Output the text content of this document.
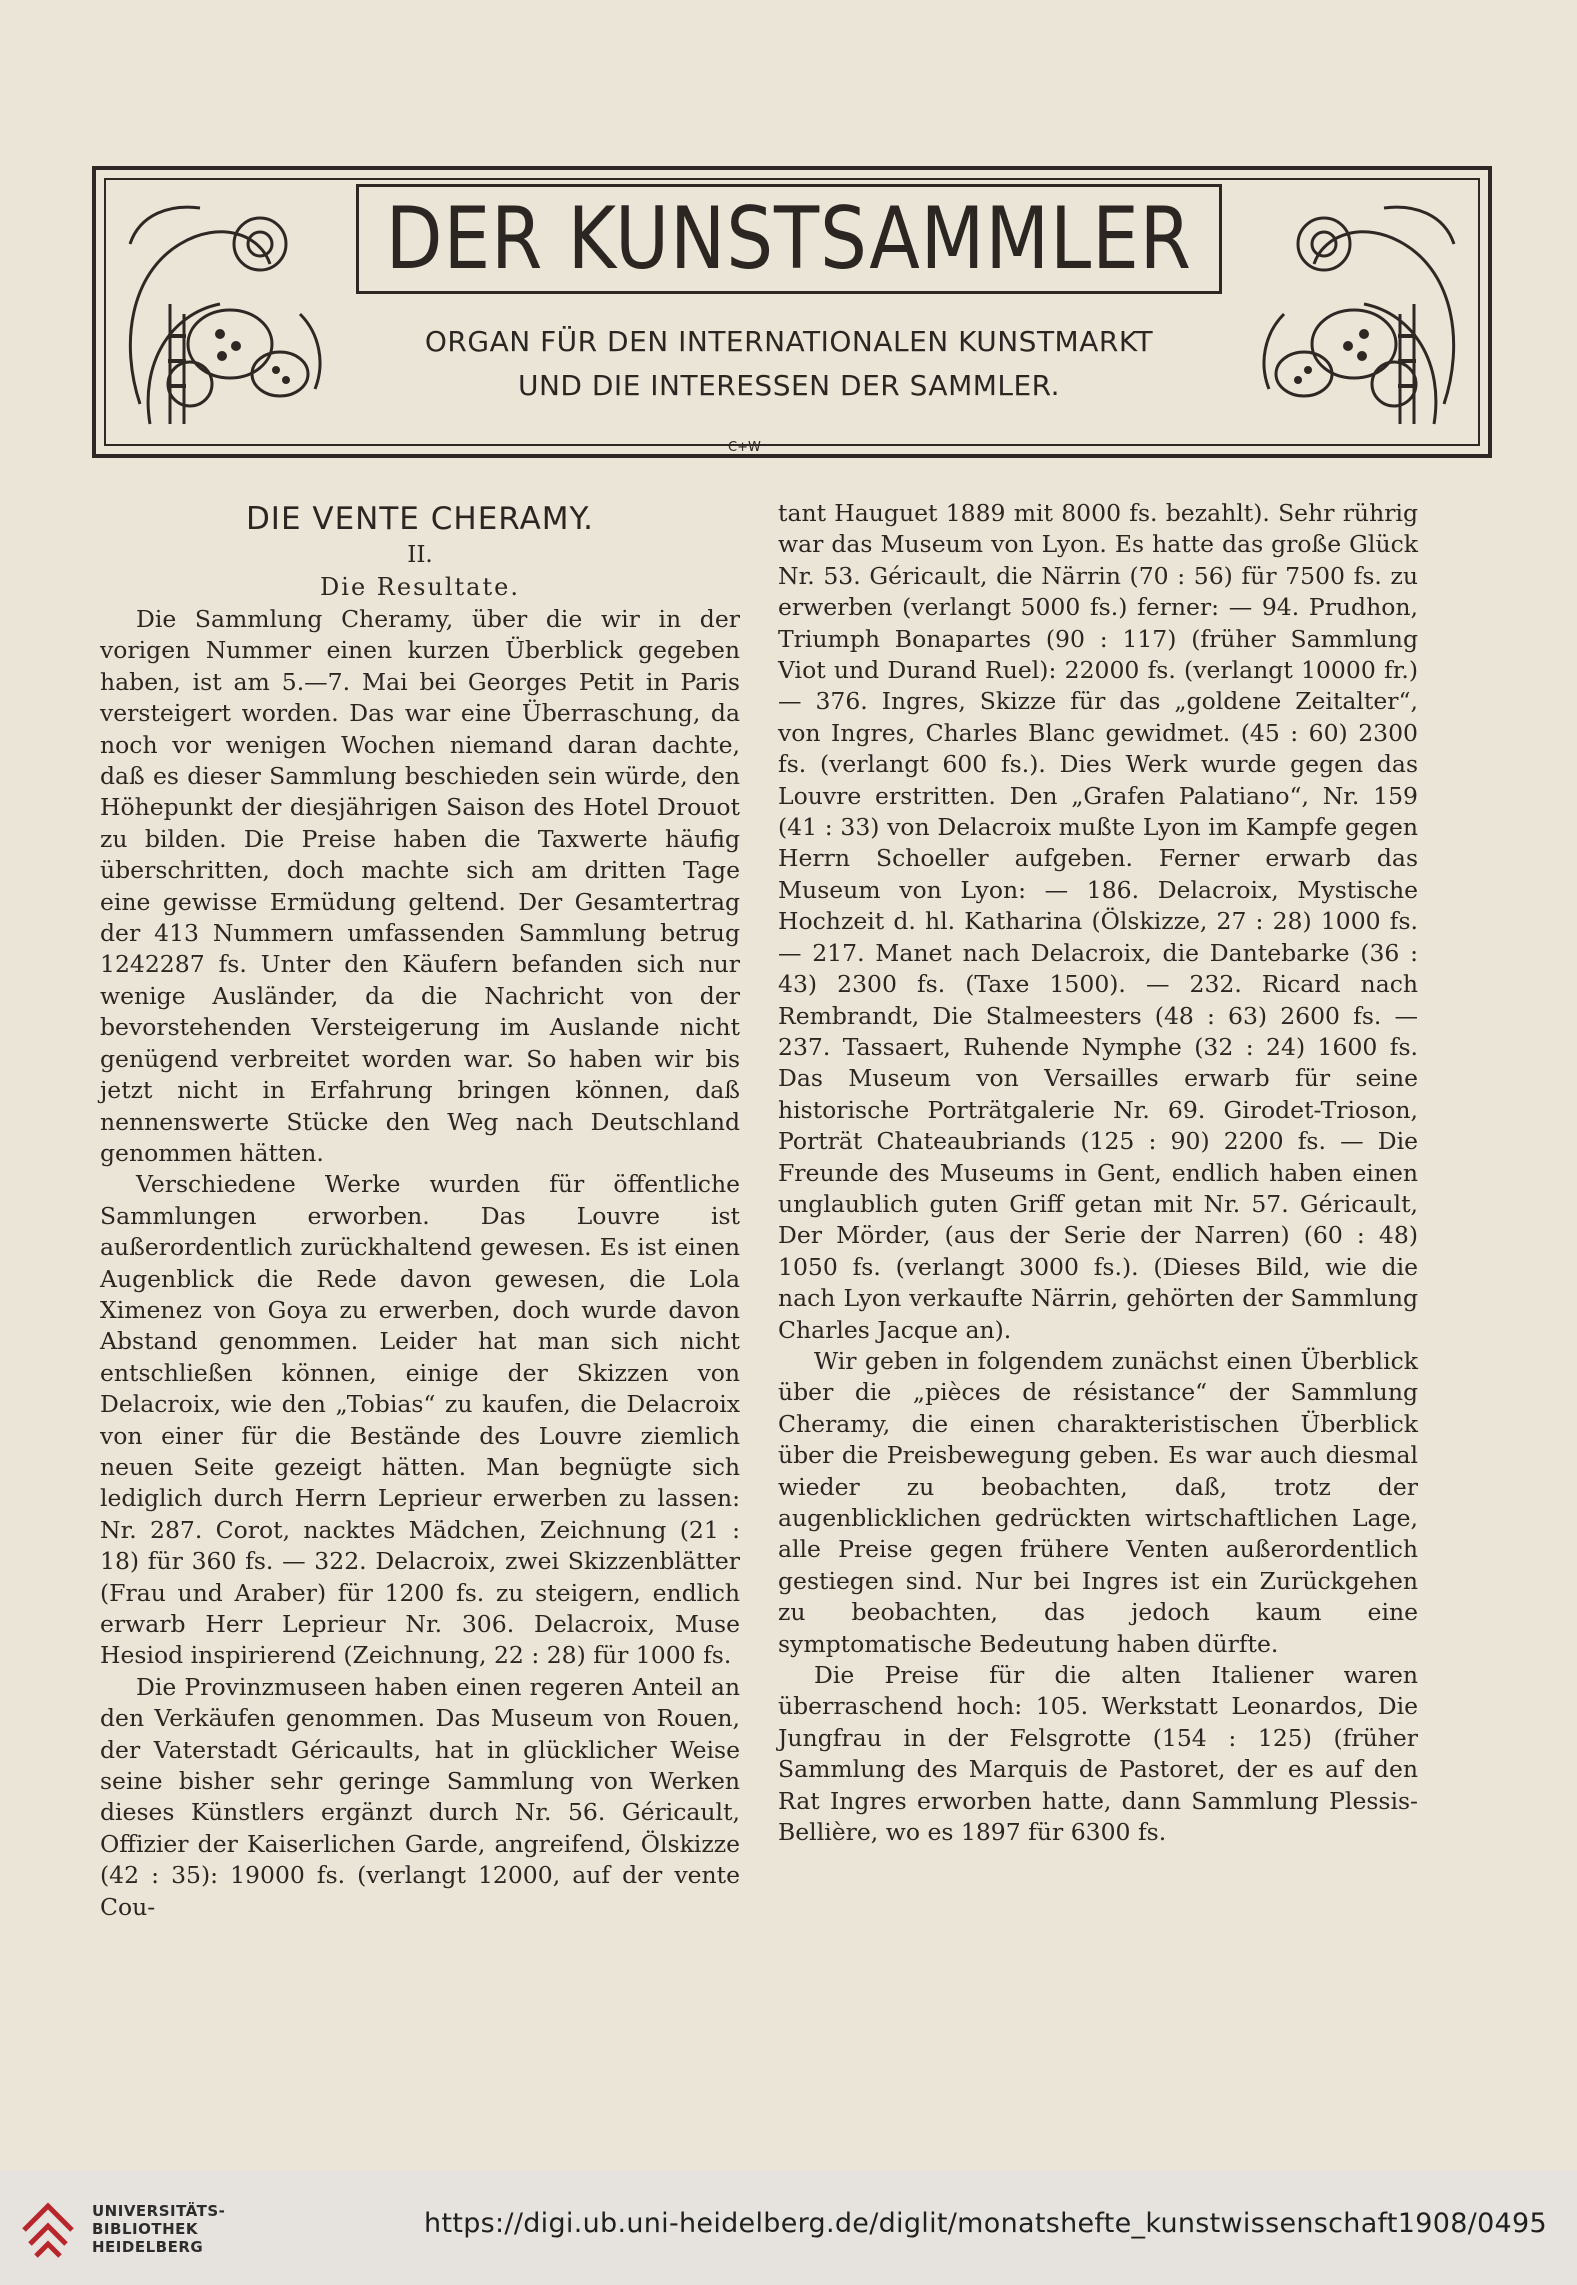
DER KUNSTSAMMLER
ORGAN FÜR DEN INTERNATIONALEN KUNSTMARKT
UND DIE INTERESSEN DER SAMMLER.
C+W
DIE VENTE CHERAMY.
II.
Die Resultate.

Die Sammlung Cheramy, über die wir in der vorigen Nummer einen kurzen Überblick gegeben haben, ist am 5.—7. Mai bei Georges Petit in Paris versteigert worden. Das war eine Überraschung, da noch vor wenigen Wochen niemand daran dachte, daß es dieser Sammlung beschieden sein würde, den Höhepunkt der diesjährigen Saison des Hotel Drouot zu bilden. Die Preise haben die Taxwerte häufig überschritten, doch machte sich am dritten Tage eine gewisse Ermüdung geltend. Der Gesamtertrag der 413 Nummern umfassenden Sammlung betrug 1242287 fs. Unter den Käufern befanden sich nur wenige Ausländer, da die Nachricht von der bevorstehenden Versteigerung im Auslande nicht genügend verbreitet worden war. So haben wir bis jetzt nicht in Erfahrung bringen können, daß nennenswerte Stücke den Weg nach Deutschland genommen hätten.

Verschiedene Werke wurden für öffentliche Sammlungen erworben. Das Louvre ist außerordentlich zurückhaltend gewesen. Es ist einen Augenblick die Rede davon gewesen, die Lola Ximenez von Goya zu erwerben, doch wurde davon Abstand genommen. Leider hat man sich nicht entschließen können, einige der Skizzen von Delacroix, wie den „Tobias“ zu kaufen, die Delacroix von einer für die Bestände des Louvre ziemlich neuen Seite gezeigt hätten. Man begnügte sich lediglich durch Herrn Leprieur erwerben zu lassen: Nr. 287. Corot, nacktes Mädchen, Zeichnung (21 : 18) für 360 fs. — 322. Delacroix, zwei Skizzenblätter (Frau und Araber) für 1200 fs. zu steigern, endlich erwarb Herr Leprieur Nr. 306. Delacroix, Muse Hesiod inspirierend (Zeichnung, 22 : 28) für 1000 fs.

Die Provinzmuseen haben einen regeren Anteil an den Verkäufen genommen. Das Museum von Rouen, der Vaterstadt Géricaults, hat in glücklicher Weise seine bisher sehr geringe Sammlung von Werken dieses Künstlers ergänzt durch Nr. 56. Géricault, Offizier der Kaiserlichen Garde, angreifend, Ölskizze (42 : 35): 19000 fs. (verlangt 12000, auf der vente Cou-

tant Hauguet 1889 mit 8000 fs. bezahlt). Sehr rührig war das Museum von Lyon. Es hatte das große Glück Nr. 53. Géricault, die Närrin (70 : 56) für 7500 fs. zu erwerben (verlangt 5000 fs.) ferner: — 94. Prudhon, Triumph Bonapartes (90 : 117) (früher Sammlung Viot und Durand Ruel): 22000 fs. (verlangt 10000 fr.) — 376. Ingres, Skizze für das „goldene Zeitalter“, von Ingres, Charles Blanc gewidmet. (45 : 60) 2300 fs. (verlangt 600 fs.). Dies Werk wurde gegen das Louvre erstritten. Den „Grafen Palatiano“, Nr. 159 (41 : 33) von Delacroix mußte Lyon im Kampfe gegen Herrn Schoeller aufgeben. Ferner erwarb das Museum von Lyon: — 186. Delacroix, Mystische Hochzeit d. hl. Katharina (Ölskizze, 27 : 28) 1000 fs. — 217. Manet nach Delacroix, die Dantebarke (36 : 43) 2300 fs. (Taxe 1500). — 232. Ricard nach Rembrandt, Die Stalmeesters (48 : 63) 2600 fs. — 237. Tassaert, Ruhende Nymphe (32 : 24) 1600 fs. Das Museum von Versailles erwarb für seine historische Porträtgalerie Nr. 69. Girodet-Trioson, Porträt Chateaubriands (125 : 90) 2200 fs. — Die Freunde des Museums in Gent, endlich haben einen unglaublich guten Griff getan mit Nr. 57. Géricault, Der Mörder, (aus der Serie der Narren) (60 : 48) 1050 fs. (verlangt 3000 fs.). (Dieses Bild, wie die nach Lyon verkaufte Närrin, gehörten der Sammlung Charles Jacque an).

Wir geben in folgendem zunächst einen Überblick über die „pièces de résistance“ der Sammlung Cheramy, die einen charakteristischen Überblick über die Preisbewegung geben. Es war auch diesmal wieder zu beobachten, daß, trotz der augenblicklichen gedrückten wirtschaftlichen Lage, alle Preise gegen frühere Venten außerordentlich gestiegen sind. Nur bei Ingres ist ein Zurückgehen zu beobachten, das jedoch kaum eine symptomatische Bedeutung haben dürfte.

Die Preise für die alten Italiener waren überraschend hoch: 105. Werkstatt Leonardos, Die Jungfrau in der Felsgrotte (154 : 125) (früher Sammlung des Marquis de Pastoret, der es auf den Rat Ingres erworben hatte, dann Sammlung Plessis-Bellière, wo es 1897 für 6300 fs.

UNIVERSITÄTS-
BIBLIOTHEK
HEIDELBERG
https://digi.ub.uni-heidelberg.de/diglit/monatshefte_kunstwissenschaft1908/0495
